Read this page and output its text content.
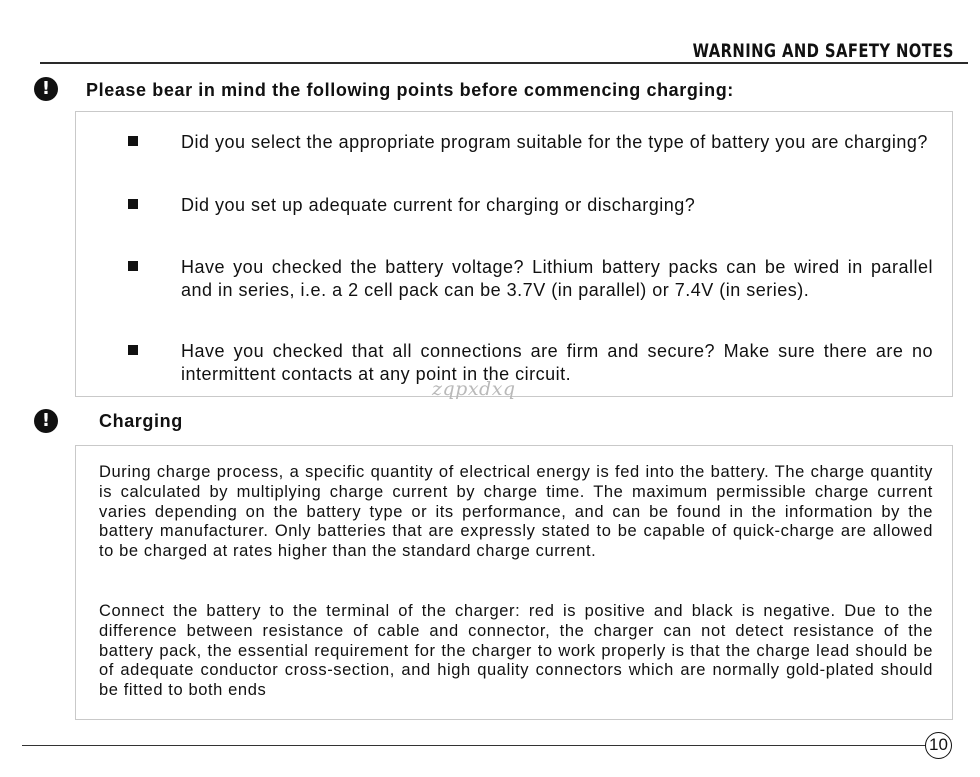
WARNING AND SAFETY NOTES
!	Please bear in mind the following points before commencing charging:
Did you select the appropriate program suitable for the type of battery you are charging?
Did you set up adequate current for charging or discharging?
Have you checked the battery voltage? Lithium battery packs can be wired in parallel and in series, i.e. a 2 cell pack can be 3.7V (in parallel) or 7.4V (in series).
Have you checked that all connections are firm and secure? Make sure there are no intermittent contacts at any point in the circuit.
zqpxdxq
!	Charging
During charge process, a specific quantity of electrical energy is fed into the battery. The charge quantity is calculated by multiplying charge current by charge time. The maximum permissible charge current varies depending on the battery type or its performance, and can be found in the information by the battery manufacturer. Only batteries that are expressly stated to be capable of quick-charge are allowed to be charged at rates higher than the standard charge current.
Connect the battery to the terminal of the charger: red is positive and black is negative. Due to the difference between resistance of cable and connector, the charger can not detect resistance of the battery pack, the essential requirement for the charger to work properly is that the charge lead should be of adequate conductor cross-section, and high quality connectors which are normally gold-plated should be fitted to both ends
10
